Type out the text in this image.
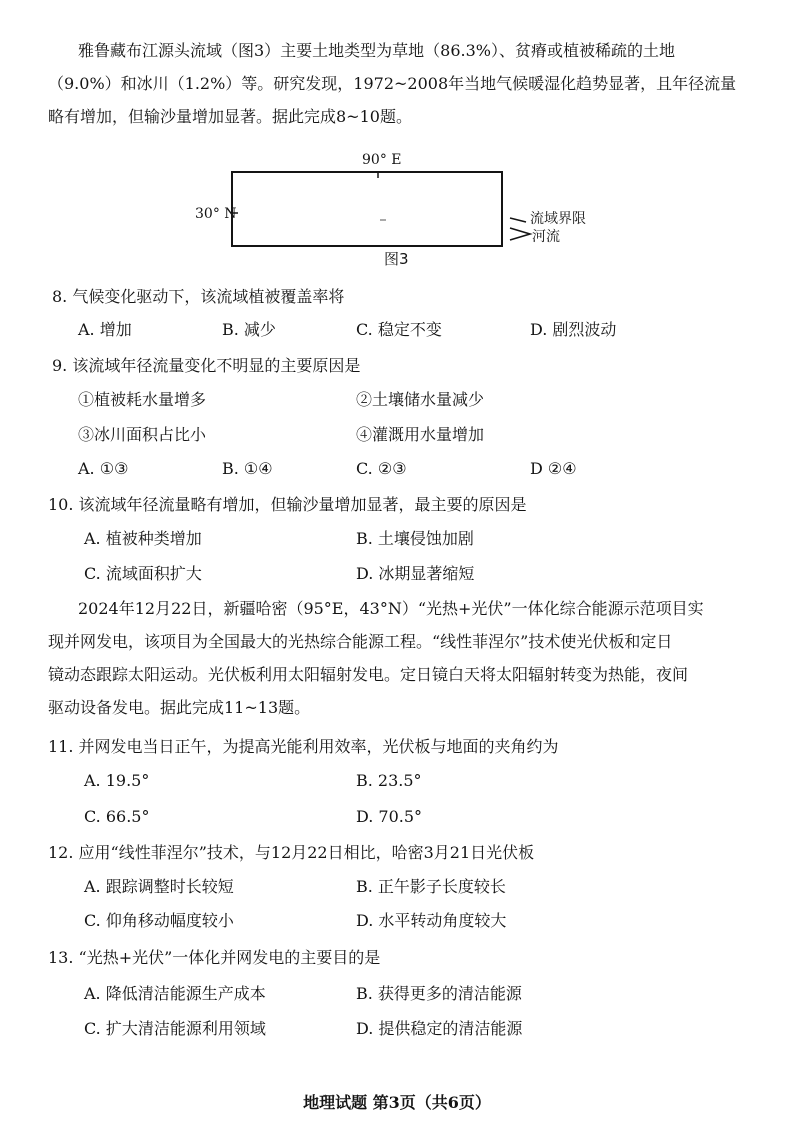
雅鲁藏布江源头流域（图3）主要土地类型为草地（86.3%）、贫瘠或植被稀疏的土地
（9.0%）和冰川（1.2%）等。研究发现，1972~2008年当地气候暖湿化趋势显著，且年径流量
略有增加，但输沙量增加显著。据此完成8~10题。
90° E
30° N	流域界限
河流
图3
8. 气候变化驱动下，该流域植被覆盖率将
A. 增加	B. 减少	C. 稳定不变	D. 剧烈波动
9. 该流域年径流量变化不明显的主要原因是
①植被耗水量增多	②土壤储水量减少
③冰川面积占比小	④灌溉用水量增加
A. ①③	B. ①④	C. ②③	D ②④
10. 该流域年径流量略有增加，但输沙量增加显著，最主要的原因是
A. 植被种类增加	B. 土壤侵蚀加剧
C. 流域面积扩大	D. 冰期显著缩短
2024年12月22日，新疆哈密（95°E，43°N）“光热+光伏”一体化综合能源示范项目实
现并网发电，该项目为全国最大的光热综合能源工程。“线性菲涅尔”技术使光伏板和定日
镜动态跟踪太阳运动。光伏板利用太阳辐射发电。定日镜白天将太阳辐射转变为热能，夜间
驱动设备发电。据此完成11~13题。
11. 并网发电当日正午，为提高光能利用效率，光伏板与地面的夹角约为
A. 19.5°	B. 23.5°
C. 66.5°	D. 70.5°
12. 应用“线性菲涅尔”技术，与12月22日相比，哈密3月21日光伏板
A. 跟踪调整时长较短	B. 正午影子长度较长
C. 仰角移动幅度较小	D. 水平转动角度较大
13. “光热+光伏”一体化并网发电的主要目的是
A. 降低清洁能源生产成本	B. 获得更多的清洁能源
C. 扩大清洁能源利用领域	D. 提供稳定的清洁能源
地理试题 第3页（共6页）
